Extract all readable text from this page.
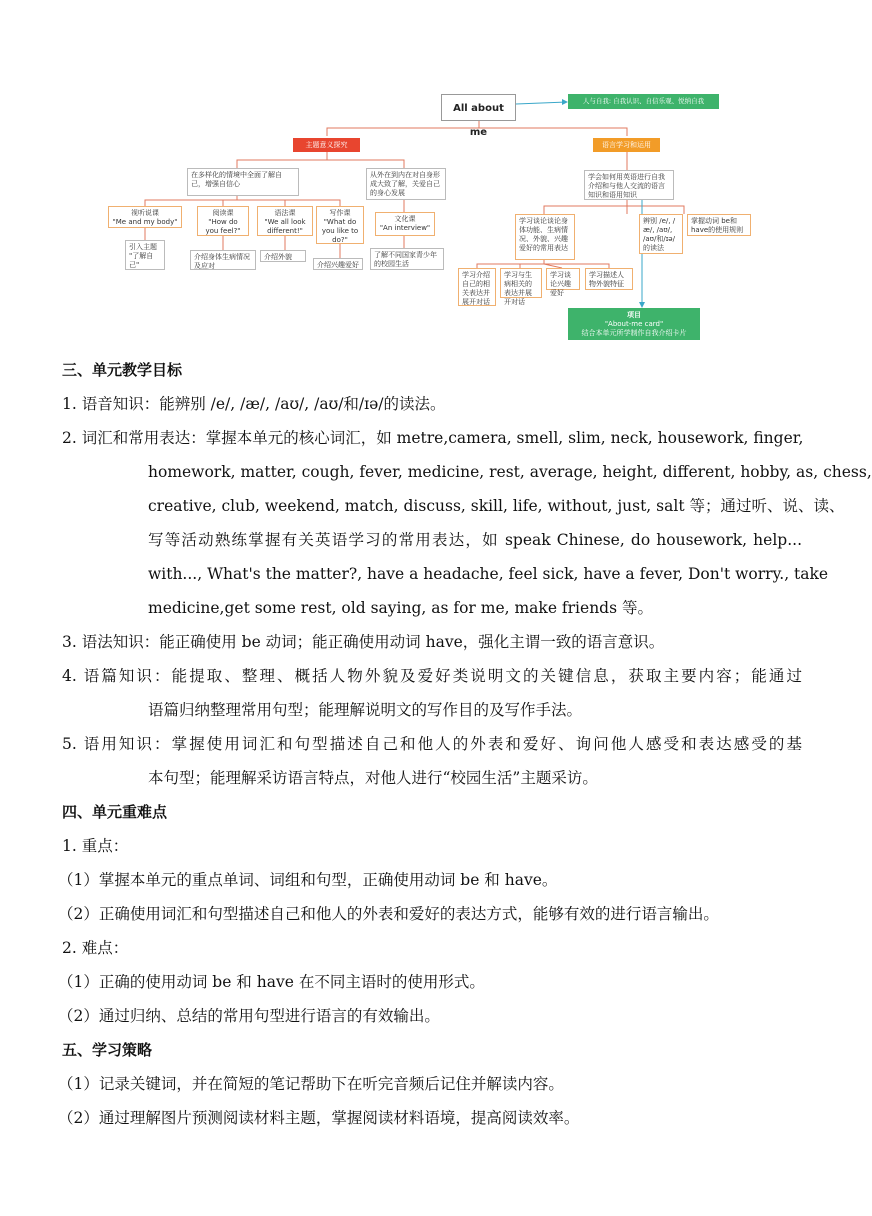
All about me
人与自我: 自我认识、自信乐观、悦纳自我
主题意义探究	语言学习和运用
在多样化的情境中全面了解自己，增强自信心
从外在到内在对自身形成大致了解，关爱自己的身心发展
视听说课
"Me and my body"
阅读课
"How do you feel?"
语法课
"We all look different!"
写作课
"What do you like to do?"
文化课
"An interview"
引入主题 "了解自己"
介绍身体生病情况及应对
介绍外貌
介绍兴趣爱好
了解不同国家青少年的校园生活
学会如何用英语进行自我介绍和与他人交流的语言知识和语用知识
学习谈论谈论身体功能、生病情况、外貌、兴趣爱好的常用表达
辨别 /e/, /æ/, /aʊ/, /aʊ/和/ɪə/的读法
掌握动词 be和have的使用规则
学习介绍自己的相关表达并展开对话
学习与生病相关的表达并展开对话
学习谈论兴趣爱好
学习描述人物外貌特征
项目
"About-me card"
结合本单元所学制作自我介绍卡片
三、单元教学目标
1. 语音知识：能辨别 /e/, /æ/, /aʊ/, /aʊ/和/ɪə/的读法。
2. 词汇和常用表达：掌握本单元的核心词汇，如 metre,camera, smell, slim, neck, housework, finger,
homework, matter, cough, fever, medicine, rest, average, height, different, hobby, as, chess,
creative, club, weekend, match, discuss, skill, life, without, just, salt 等；通过听、说、读、
写等活动熟练掌握有关英语学习的常用表达，如 speak Chinese, do housework, help...
with..., What's the matter?, have a headache, feel sick, have a fever, Don't worry., take
medicine,get some rest, old saying, as for me, make friends 等。
3. 语法知识：能正确使用 be 动词；能正确使用动词 have，强化主谓一致的语言意识。
4. 语篇知识：能提取、整理、概括人物外貌及爱好类说明文的关键信息，获取主要内容；能通过
语篇归纳整理常用句型；能理解说明文的写作目的及写作手法。
5. 语用知识：掌握使用词汇和句型描述自己和他人的外表和爱好、询问他人感受和表达感受的基
本句型；能理解采访语言特点，对他人进行“校园生活”主题采访。
四、单元重难点
1. 重点：
（1）掌握本单元的重点单词、词组和句型，正确使用动词 be 和 have。
（2）正确使用词汇和句型描述自己和他人的外表和爱好的表达方式，能够有效的进行语言输出。
2. 难点：
（1）正确的使用动词 be 和 have 在不同主语时的使用形式。
（2）通过归纳、总结的常用句型进行语言的有效输出。
五、学习策略
（1）记录关键词，并在简短的笔记帮助下在听完音频后记住并解读内容。
（2）通过理解图片预测阅读材料主题，掌握阅读材料语境，提高阅读效率。
